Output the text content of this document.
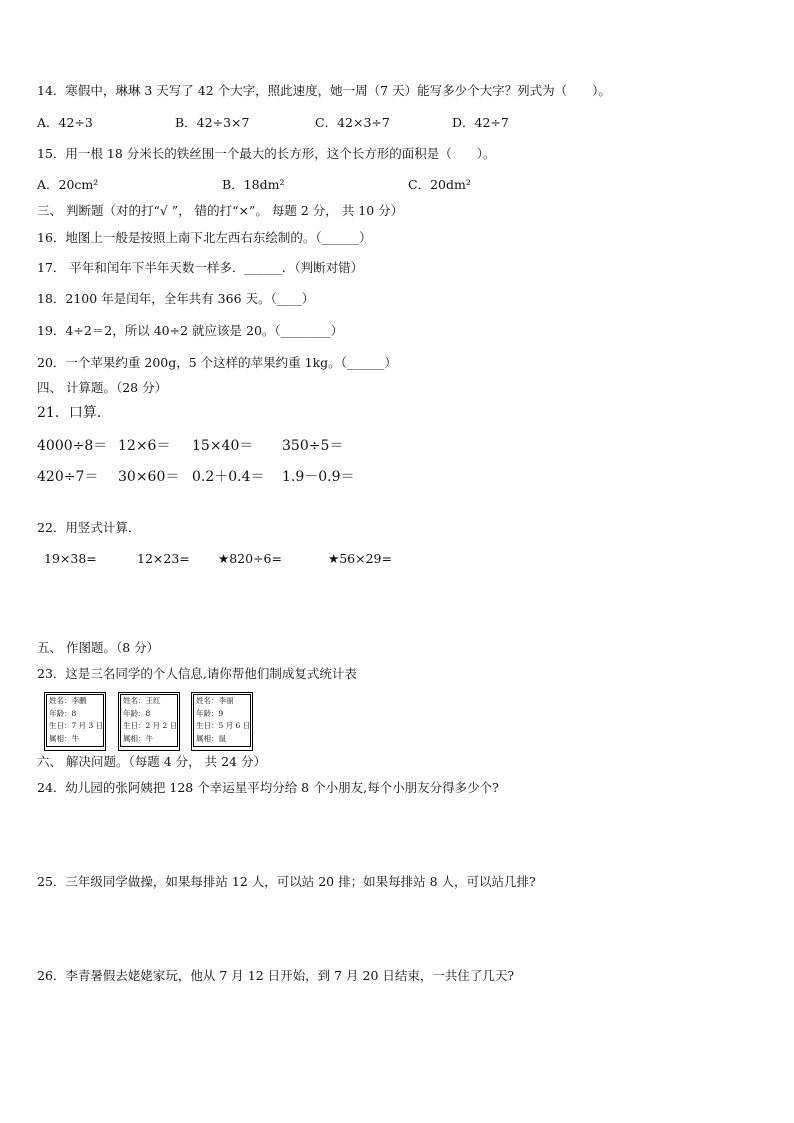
14．寒假中，琳琳 3 天写了 42 个大字，照此速度，她一周（7 天）能写多少个大字？列式为（　　）。
A．42÷3	B．42÷3×7	C．42×3÷7	D．42÷7
15．用一根 18 分米长的铁丝围一个最大的长方形，这个长方形的面积是（　　）。
A．20cm²	B．18dm²	C．20dm²
三、 判断题（对的打“√ ”， 错的打“×”。 每题 2 分， 共 10 分）
16．地图上一般是按照上南下北左西右东绘制的。（______）
17． 平年和闰年下半年天数一样多．______．（判断对错）
18．2100 年是闰年，全年共有 366 天。（____）
19．4÷2＝2，所以 40÷2 就应该是 20。（________）
20．一个苹果约重 200g，5 个这样的苹果约重 1kg。（______）
四、 计算题。（28 分）
21．口算．
4000÷8＝ 12×6＝ 15×40＝ 350÷5＝
420÷7＝ 30×60＝ 0.2＋0.4＝ 1.9－0.9＝
22．用竖式计算．
19×38=	12×23= ★820÷6=	★56×29=
五、 作图题。（8 分）
23．这是三名同学的个人信息,请你帮他们制成复式统计表
姓名：李鹏
年龄：8
生日：7 月 3 日
属相：牛
姓名：王红
年龄：8
生日：2 月 2 日
属相：牛
姓名：李丽
年龄：9
生日：5 月 6 日
属相：鼠
六、 解决问题。（每题 4 分， 共 24 分）
24．幼儿园的张阿姨把 128 个幸运星平均分给 8 个小朋友,每个小朋友分得多少个?
25．三年级同学做操，如果每排站 12 人，可以站 20 排；如果每排站 8 人，可以站几排?
26．李青暑假去姥姥家玩，他从 7 月 12 日开始，到 7 月 20 日结束，一共住了几天?
